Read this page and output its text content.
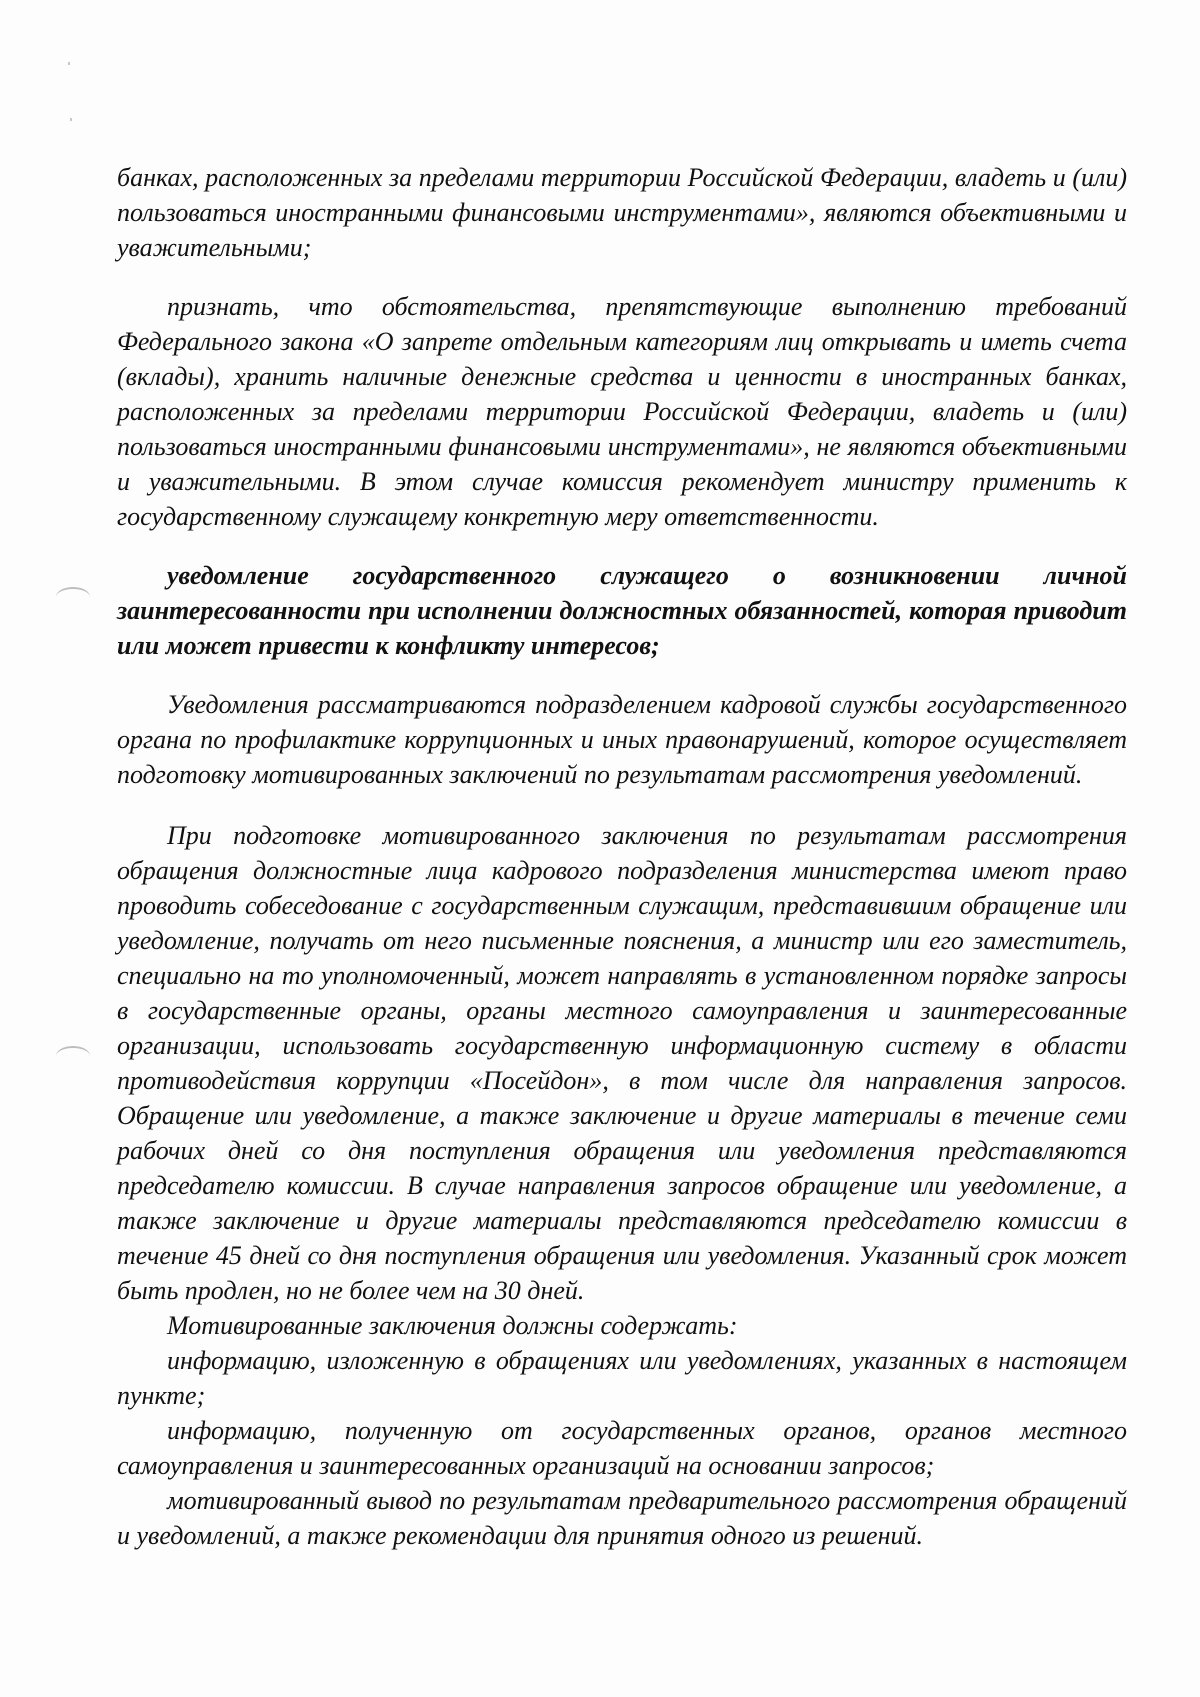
банках, расположенных за пределами территории Российской Федерации, владеть и (или) пользоваться иностранными финансовыми инструментами», являются объективными и уважительными;

признать, что обстоятельства, препятствующие выполнению требований Федерального закона «О запрете отдельным категориям лиц открывать и иметь счета (вклады), хранить наличные денежные средства и ценности в иностранных банках, расположенных за пределами территории Российской Федерации, владеть и (или) пользоваться иностранными финансовыми инструментами», не являются объективными и уважительными. В этом случае комиссия рекомендует министру применить к государственному служащему конкретную меру ответственности.

уведомление государственного служащего о возникновении личной заинтересованности при исполнении должностных обязанностей, которая приводит или может привести к конфликту интересов;

Уведомления рассматриваются подразделением кадровой службы государственного органа по профилактике коррупционных и иных правонарушений, которое осуществляет подготовку мотивированных заключений по результатам рассмотрения уведомлений.

При подготовке мотивированного заключения по результатам рассмотрения обращения должностные лица кадрового подразделения министерства имеют право проводить собеседование с государственным служащим, представившим обращение или уведомление, получать от него письменные пояснения, а министр или его заместитель, специально на то уполномоченный, может направлять в установленном порядке запросы в государственные органы, органы местного самоуправления и заинтересованные организации, использовать государственную информационную систему в области противодействия коррупции «Посейдон», в том числе для направления запросов. Обращение или уведомление, а также заключение и другие материалы в течение семи рабочих дней со дня поступления обращения или уведомления представляются председателю комиссии. В случае направления запросов обращение или уведомление, а также заключение и другие материалы представляются председателю комиссии в течение 45 дней со дня поступления обращения или уведомления. Указанный срок может быть продлен, но не более чем на 30 дней.

Мотивированные заключения должны содержать:

информацию, изложенную в обращениях или уведомлениях, указанных в настоящем пункте;

информацию, полученную от государственных органов, органов местного самоуправления и заинтересованных организаций на основании запросов;

мотивированный вывод по результатам предварительного рассмотрения обращений и уведомлений, а также рекомендации для принятия одного из решений.
